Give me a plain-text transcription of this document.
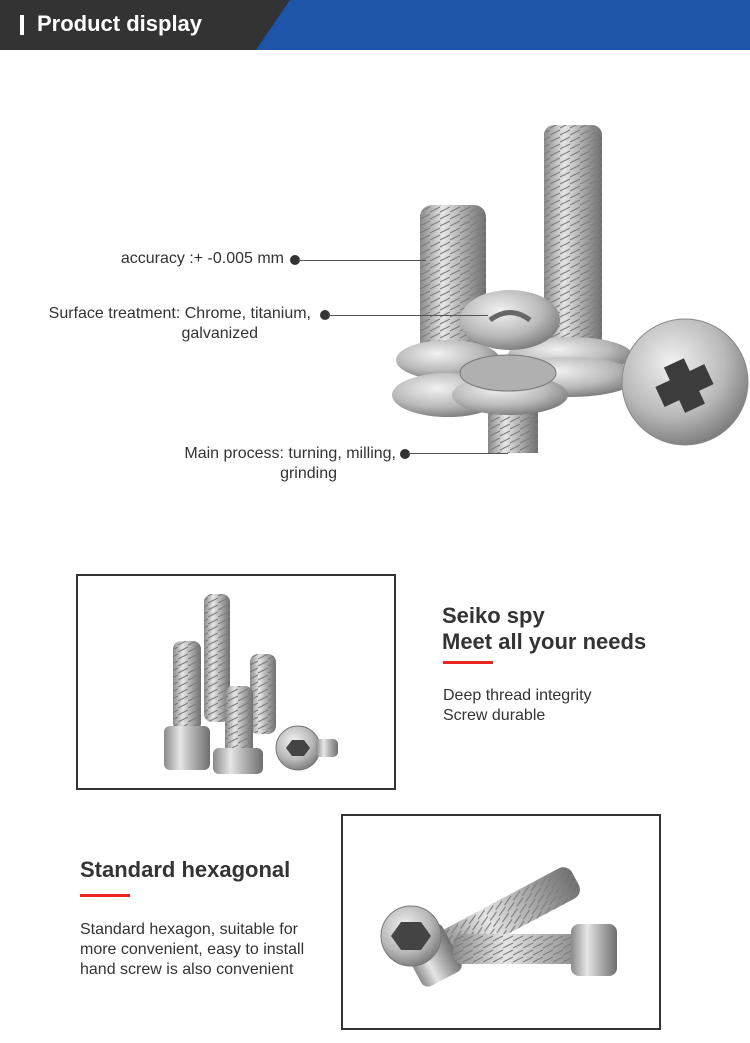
Product display
accuracy :+ -0.005 mm
Surface treatment: Chrome, titanium,
galvanized
Main process: turning, milling,
grinding
Seiko spy
Meet all your needs
Deep thread integrity
Screw durable
Standard hexagonal
Standard hexagon, suitable for
more convenient, easy to install
hand screw is also convenient
